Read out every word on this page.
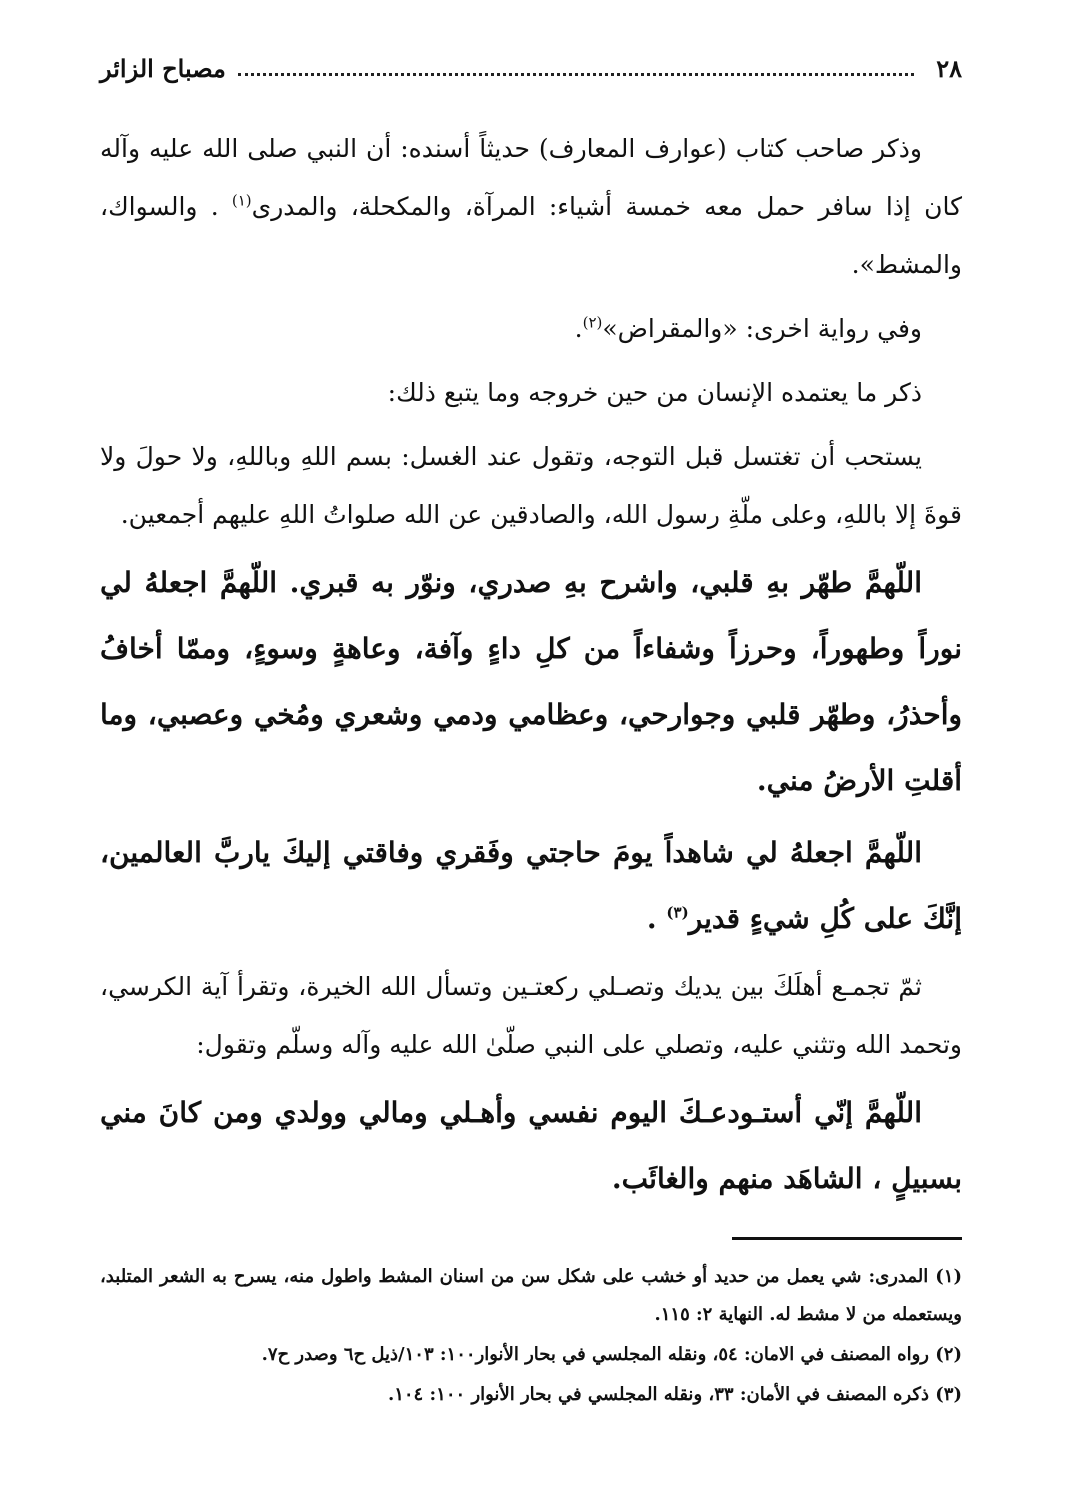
٢٨
مصباح الزائر

وذكر صاحب كتاب (عوارف المعارف) حديثاً أسنده: أن النبي صلى الله عليه وآله كان إذا سافر حمل معه خمسة أشياء: المرآة، والمكحلة، والمدرى$^{(١)}$ . والسواك، والمشط».

وفي رواية اخرى: «والمقراض»$^{(٢)}$.

ذكر ما يعتمده الإنسان من حين خروجه وما يتبع ذلك:

يستحب أن تغتسل قبل التوجه، وتقول عند الغسل: بسم اللهِ وباللهِ، ولا حولَ ولا قوةَ إلا باللهِ، وعلى ملّةِ رسول الله، والصادقين عن الله صلواتُ اللهِ عليهم أجمعين.

اللّهمَّ طهّر بهِ قلبي، واشرح بهِ صدري، ونوّر به قبري. اللّهمَّ اجعلهُ لي نوراً وطهوراً، وحرزاً وشفاءاً من كلِ داءٍ وآفة، وعاهةٍ وسوءٍ، وممّا أخافُ وأحذرُ، وطهّر قلبي وجوارحي، وعظامي ودمي وشعري ومُخي وعصبي، وما أقلتِ الأرضُ مني.

اللّهمَّ اجعلهُ لي شاهداً يومَ حاجتي وفَقري وفاقتي إليكَ ياربَّ العالمين، إنَّكَ على كُلِ شيءٍ قدير$^{(٣)}$ .

ثمّ تجمـع أهلَكَ بين يديك وتصـلي ركعتـين وتسأل الله الخيرة، وتقرأ آية الكرسي، وتحمد الله وتثني عليه، وتصلي على النبي صلّىٰ الله عليه وآله وسلّم وتقول:

اللّهمَّ إنّي أستـودعـكَ اليوم نفسي وأهـلي ومالي وولدي ومن كانَ مني بسبيلٍ ، الشاهَد منهم والغائَب.

(١) المدرى: شي يعمل من حديد أو خشب على شكل سن من اسنان المشط واطول منه، يسرح به الشعر المتلبد، ويستعمله من لا مشط له. النهاية ٢: ١١٥.

(٢) رواه المصنف في الامان: ٥٤، ونقله المجلسي في بحار الأنوار١٠٠: ١٠٣/ذيل ح٦ وصدر ح٧.

(٣) ذكره المصنف في الأمان: ٣٣، ونقله المجلسي في بحار الأنوار ١٠٠: ١٠٤.
